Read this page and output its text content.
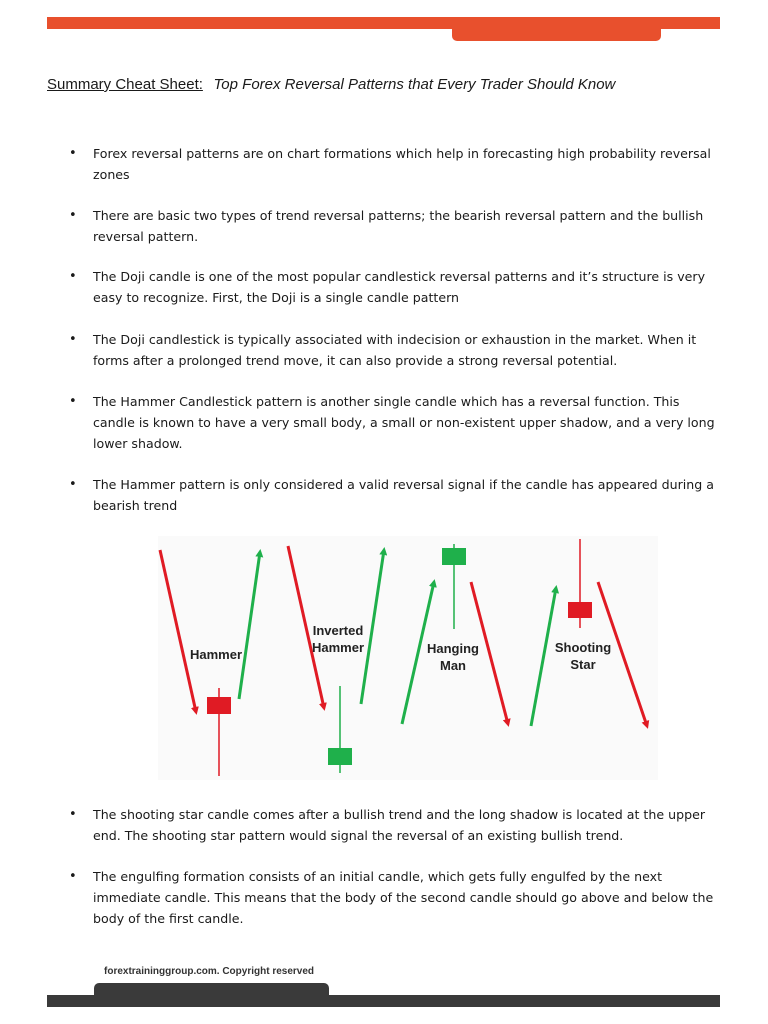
Summary Cheat Sheet: Top Forex Reversal Patterns that Every Trader Should Know
• Forex reversal patterns are on chart formations which help in forecasting high probability reversal zones
• There are basic two types of trend reversal patterns; the bearish reversal pattern and the bullish reversal pattern.
• The Doji candle is one of the most popular candlestick reversal patterns and it’s structure is very easy to recognize. First, the Doji is a single candle pattern
• The Doji candlestick is typically associated with indecision or exhaustion in the market. When it forms after a prolonged trend move, it can also provide a strong reversal potential.
• The Hammer Candlestick pattern is another single candle which has a reversal function. This candle is known to have a very small body, a small or non-existent upper shadow, and a very long lower shadow.
• The Hammer pattern is only considered a valid reversal signal if the candle has appeared during a bearish trend
• The shooting star candle comes after a bullish trend and the long shadow is located at the upper end. The shooting star pattern would signal the reversal of an existing bullish trend.
• The engulfing formation consists of an initial candle, which gets fully engulfed by the next immediate candle. This means that the body of the second candle should go above and below the body of the first candle.
Hammer
Inverted
Hammer	Hanging
Man
Shooting
Star
forextraininggroup.com. Copyright reserved
